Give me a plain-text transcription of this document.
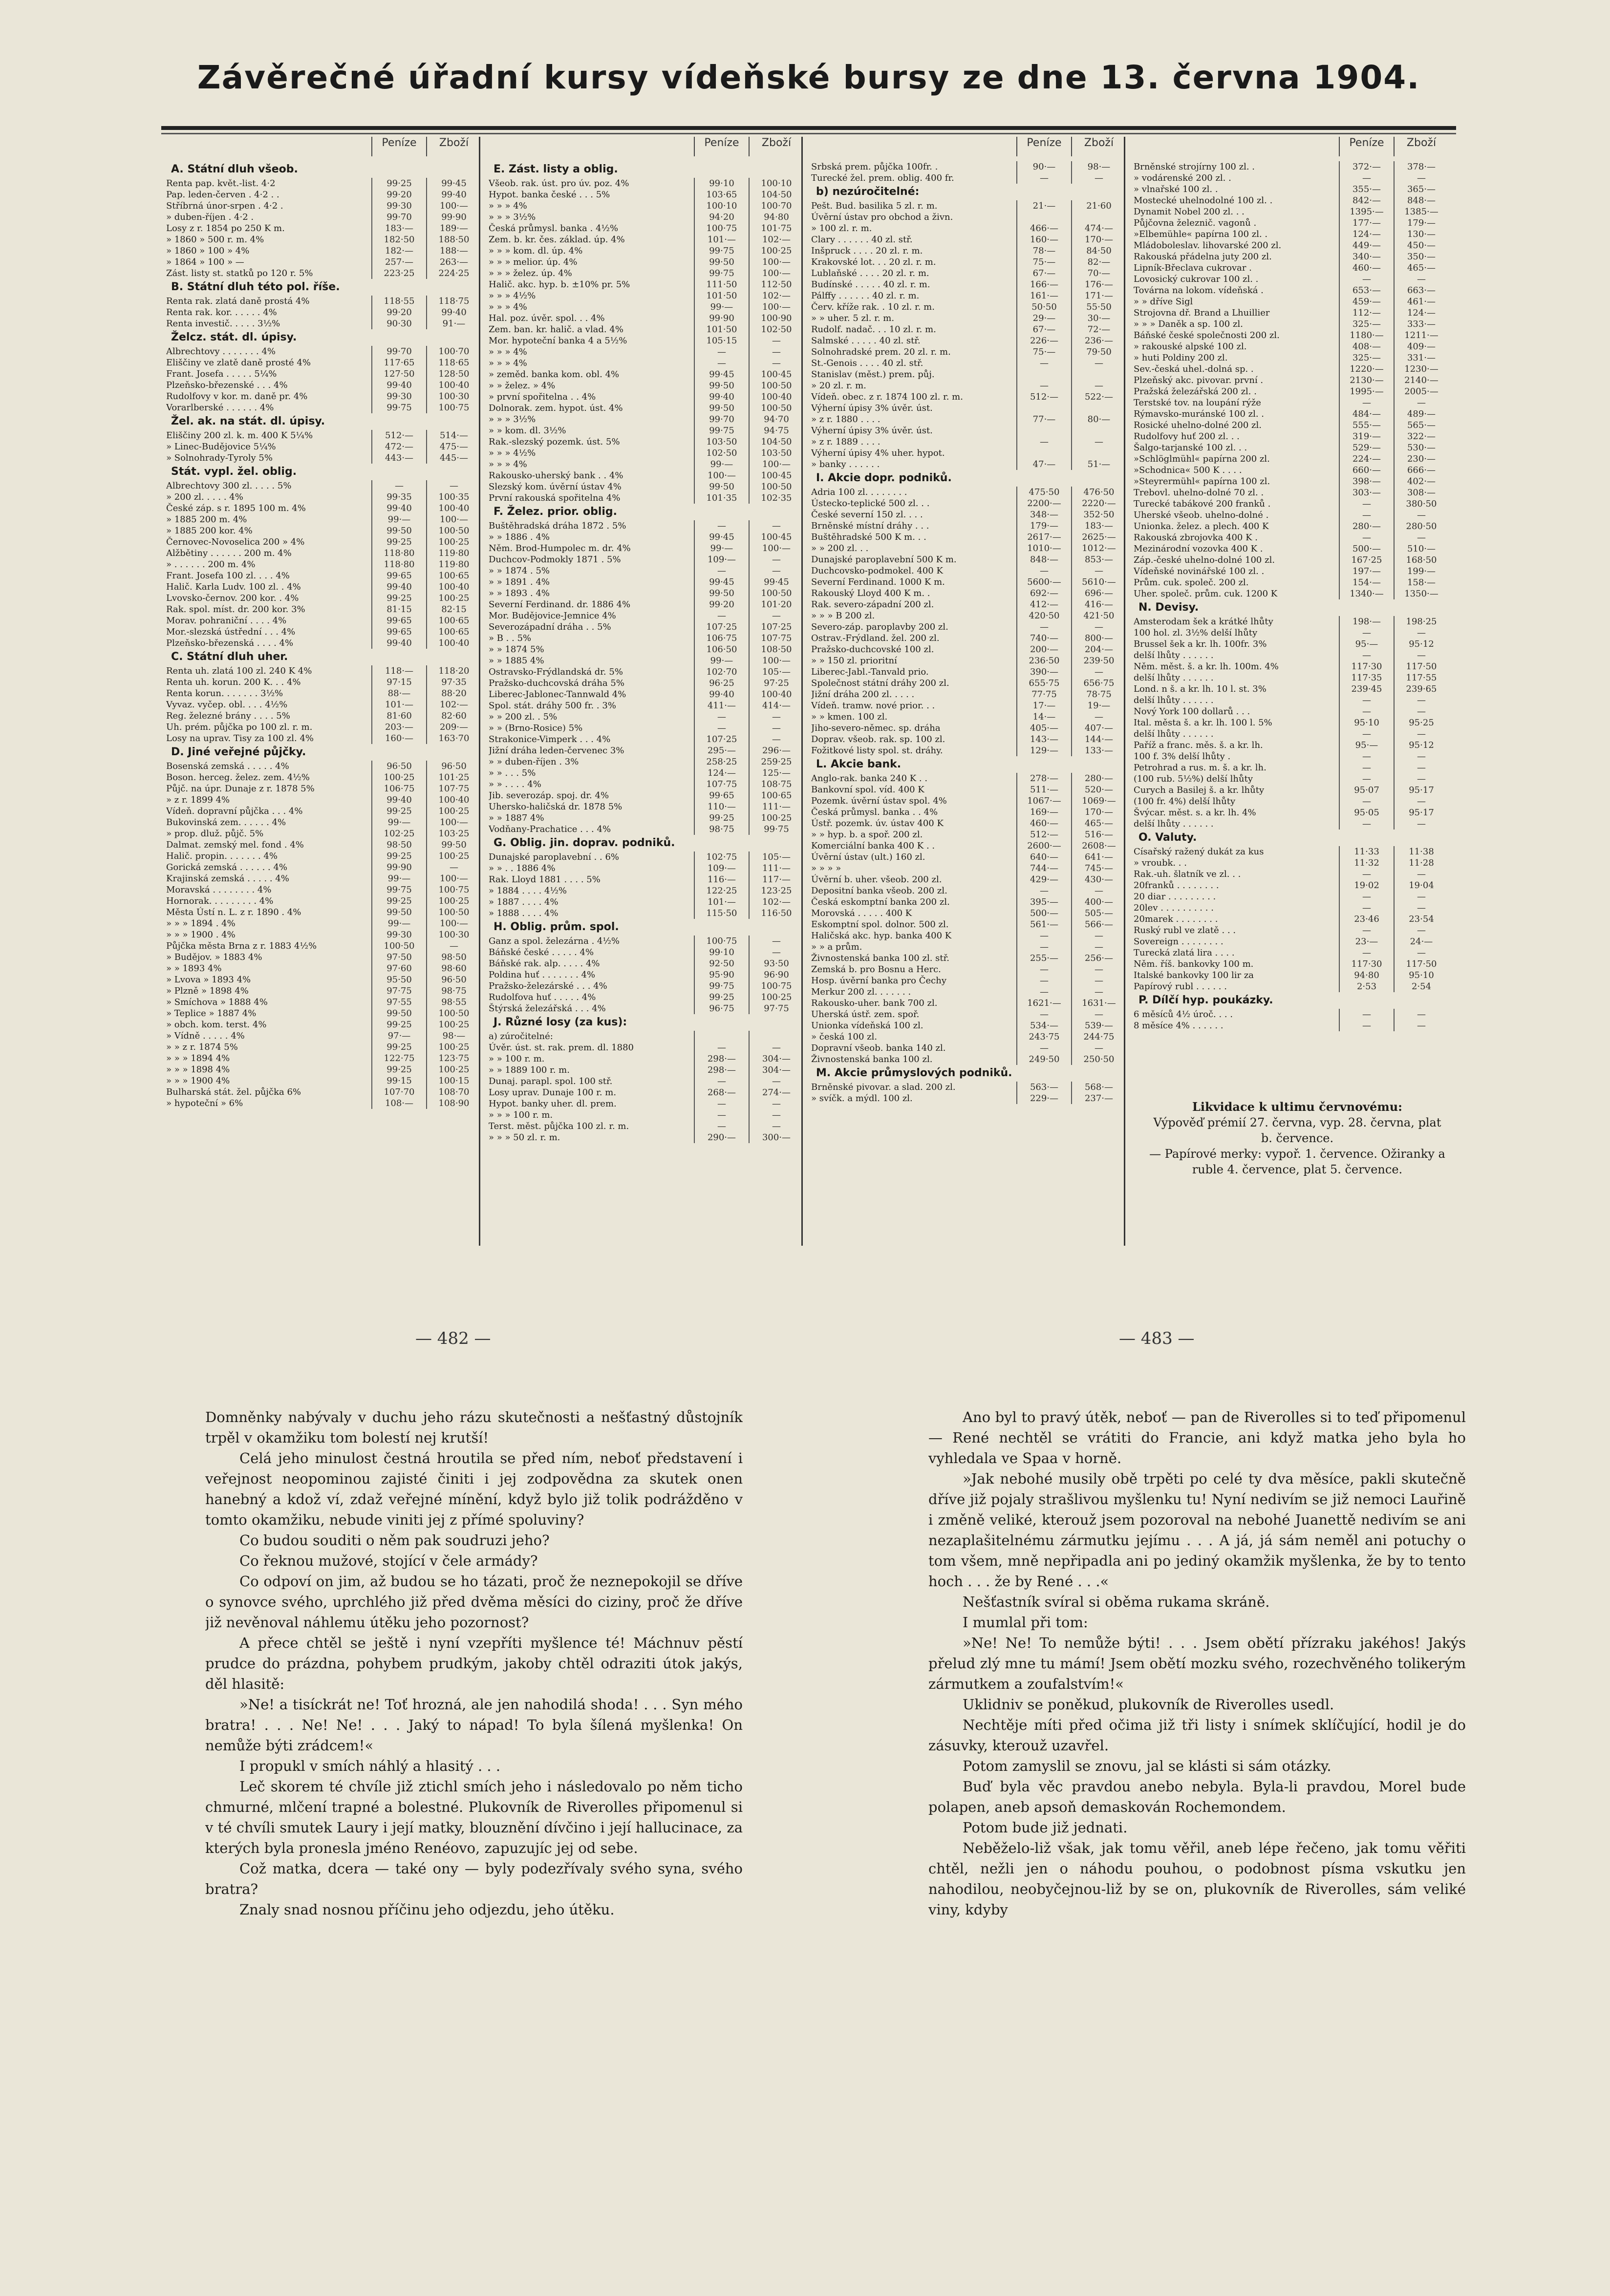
Závěrečné úřadní kursy vídeňské bursy ze dne 13. června 1904.
Peníze	Zboží
A. Státní dluh všeob.
Renta pap. květ.-list. 4·2	99·25	99·45
Pap. leden-červen . 4·2 . .	99·20	99·40
Stříbrná únor-srpen . 4·2 .	99·30	100·—
» duben-říjen . 4·2 .	99·70	99·90
Losy z r. 1854 po 250 K m.	183·—	189·—
» 1860 » 500 r. m. 4%	182·50	188·50
» 1860 » 100 » 4%	182·—	188·—
» 1864 » 100 » —	257·—	263·—
Zást. listy st. statků po 120 r. 5%	223·25	224·25
B. Státní dluh této pol. říše.
Renta rak. zlatá daně prostá 4%	118·55	118·75
Renta rak. kor. . . . . . 4%	99·20	99·40
Renta investič. . . . . 3½%	90·30	91·—
Želcz. stát. dl. úpisy.
Albrechtovy . . . . . . . 4%	99·70	100·70
Eliščiny ve zlatě daně prosté 4%	117·65	118·65
Frant. Josefa . . . . . 5¼%	127·50	128·50
Plzeňsko-březenské . . . 4%	99·40	100·40
Rudolfovy v kor. m. daně pr. 4%	99·30	100·30
Vorarlberské . . . . . . 4%	99·75	100·75
Žel. ak. na stát. dl. úpisy.
Eliščiny 200 zl. k. m. 400 K 5¼%	512·—	514·—
» Linec-Budějovice 5¼%	472·—	475·—
» Solnohrady-Tyroly 5%	443·—	445·—
Stát. vypl. žel. oblig.
Albrechtovy 300 zl. . . . . 5%	—	—
» 200 zl. . . . . 4%	99·35	100·35
České záp. s r. 1895 100 m. 4%	99·40	100·40
» 1885 200 m. 4%	99·—	100·—
» 1885 200 kor. 4%	99·50	100·50
Černovec-Novoselica 200 » 4%	99·25	100·25
Alžbětiny . . . . . . 200 m. 4%	118·80	119·80
» . . . . . . 200 m. 4%	118·80	119·80
Frant. Josefa 100 zl. . . . 4%	99·65	100·65
Halič. Karla Ludv. 100 zl. . 4%	99·40	100·40
Lvovsko-černov. 200 kor. . 4%	99·25	100·25
Rak. spol. míst. dr. 200 kor. 3%	81·15	82·15
Morav. pohraniční . . . . 4%	99·65	100·65
Mor.-slezská ústřední . . . 4%	99·65	100·65
Plzeňsko-březenská . . . . 4%	99·40	100·40
C. Státní dluh uher.
Renta uh. zlatá 100 zl. 240 K 4%	118·—	118·20
Renta uh. korun. 200 K. . . 4%	97·15	97·35
Renta korun. . . . . . . 3½%	88·—	88·20
Vyvaz. vyčep. obl. . . . 4½%	101·—	102·—
Reg. železné brány . . . . 5%	81·60	82·60
Uh. prém. půjčka po 100 zl. r. m.	203·—	209·—
Losy na uprav. Tisy za 100 zl. 4%	160·—	163·70
D. Jiné veřejné půjčky.
Bosenská zemská . . . . . 4%	96·50	96·50
Boson. herceg. želez. zem. 4½%	100·25	101·25
Půjč. na úpr. Dunaje z r. 1878 5%	106·75	107·75
» z r. 1899 4%	99·40	100·40
Vídeň. dopravní půjčka . . . 4%	99·25	100·25
Bukovinská zem. . . . . . 4%	99·—	100·—
» prop. dluž. půjč. 5%	102·25	103·25
Dalmat. zemský mel. fond . 4%	98·50	99·50
Halič. propin. . . . . . . 4%	99·25	100·25
Gorická zemská . . . . . . 4%	99·90	—
Krajinská zemská . . . . . 4%	99·—	100·—
Moravská . . . . . . . . 4%	99·75	100·75
Hornorak. . . . . . . . . 4%	99·25	100·25
Města Ústí n. L. z r. 1890 . 4%	99·50	100·50
» » » 1894 . 4%	99·—	100·—
» » » 1900 . 4%	99·30	100·30
Půjčka města Brna z r. 1883 4½%	100·50	—
» Budějov. » 1883 4%	97·50	98·50
» » 1893 4%	97·60	98·60
» Lvova » 1893 4%	95·50	96·50
» Plzně » 1898 4%	97·75	98·75
» Smíchova » 1888 4%	97·55	98·55
» Teplice » 1887 4%	99·50	100·50
» obch. kom. terst. 4%	99·25	100·25
» Vídně . . . . . 4%	97·—	98·—
» » z r. 1874 5%	99·25	100·25
» » » 1894 4%	122·75	123·75
» » » 1898 4%	99·25	100·25
» » » 1900 4%	99·15	100·15
Bulharská stát. žel. půjčka 6%	107·70	108·70
» hypoteční » 6%	108·—	108·90
Peníze	Zboží
E. Zást. listy a oblig.
Všeob. rak. úst. pro úv. poz. 4%	99·10	100·10
Hypot. banka české . . . 5%	103·65	104·50
» » » 4%	100·10	100·70
» » » 3½%	94·20	94·80
Česká průmysl. banka . 4½%	100·75	101·75
Zem. b. kr. čes. základ. úp. 4%	101·—	102·—
» » » kom. dl. úp. 4%	99·75	100·25
» » » melior. úp. 4%	99·50	100·—
» » » želez. úp. 4%	99·75	100·—
Halič. akc. hyp. b. ±10% pr. 5%	111·50	112·50
» » » 4½%	101·50	102·—
» » » 4%	99·—	100·—
Hal. poz. úvěr. spol. . . 4%	99·90	100·90
Zem. ban. kr. halič. a vlad. 4%	101·50	102·50
Mor. hypoteční banka 4 a 5½%	105·15	—
» » » 4%	—	—
» » » 4%	—	—
» zeměd. banka kom. obl. 4%	99·45	100·45
» » želez. » 4%	99·50	100·50
» první spořitelna . . 4%	99·40	100·40
Dolnorak. zem. hypot. úst. 4%	99·50	100·50
» » » 3½%	99·70	94·70
» » kom. dl. 3½%	99·75	94·75
Rak.-slezský pozemk. úst. 5%	103·50	104·50
» » » 4½%	102·50	103·50
» » » 4%	99·—	100·—
Rakousko-uherský bank . . 4%	100·—	100·45
Slezský kom. úvěrní ústav 4%	99·50	100·50
První rakouská spořitelna 4%	101·35	102·35
F. Želez. prior. oblig.
Buštěhradská dráha 1872 . 5%	—	—
» » 1886 . 4%	99·45	100·45
Něm. Brod-Humpolec m. dr. 4%	99·—	100·—
Duchcov-Podmokly 1871 . 5%	109·—	—
» » 1874 . 5%	—	—
» » 1891 . 4%	99·45	99·45
» » 1893 . 4%	99·50	100·50
Severní Ferdinand. dr. 1886 4%	99·20	101·20
Mor. Budějovice-Jemnice 4%	—	—
Severozápadní dráha . . 5%	107·25	107·25
» B . . 5%	106·75	107·75
» » 1874 5%	106·50	108·50
» » 1885 4%	99·—	100·—
Ostravsko-Frýdlandská dr. 5%	102·70	105·—
Pražsko-duchcovská dráha 5%	96·25	97·25
Liberec-Jablonec-Tannwald 4%	99·40	100·40
Spol. stát. dráhy 500 fr. . 3%	411·—	414·—
» » 200 zl. . 5%	—	—
» » (Brno-Rosice) 5%	—	—
Strakonice-Vimperk . . . 4%	107·25	—
Jižní dráha leden-červenec 3%	295·—	296·—
» » duben-říjen . 3%	258·25	259·25
» » . . . 5%	124·—	125·—
» » . . . . 4%	107·75	108·75
Jib. severozáp. spoj. dr. 4%	99·65	100·65
Uhersko-haličská dr. 1878 5%	110·—	111·—
» » 1887 4%	99·25	100·25
Vodňany-Prachatice . . . 4%	98·75	99·75
G. Oblig. jin. doprav. podniků.
Dunajské paroplavební . . 6%	102·75	105·—
» » . . 1886 4%	109·—	111·—
Rak. Lloyd 1881 . . . . 5%	116·—	117·—
» 1884 . . . . 4½%	122·25	123·25
» 1887 . . . . 4%	101·—	102·—
» 1888 . . . . 4%	115·50	116·50
H. Oblig. prům. spol.
Ganz a spol. železárna . 4½%	100·75	—
Báňské české . . . . . 4%	99·10	—
Báňské rak. alp. . . . . 4%	92·50	93·50
Poldina huť . . . . . . . 4%	95·90	96·90
Pražsko-železárské . . . 4%	99·75	100·75
Rudolfova huť . . . . . 4%	99·25	100·25
Štýrská železářská . . . 4%	96·75	97·75
J. Různé losy (za kus):
a) zúročitelné:
Úvěr. úst. st. rak. prem. dl. 1880	—	—
» » 100 r. m.	298·—	304·—
» » 1889 100 r. m.	298·—	304·—
Dunaj. parapl. spol. 100 stř.	—	—
Losy uprav. Dunaje 100 r. m.	268·—	274·—
Hypot. banky uher. dl. prem.	—	—
» » » 100 r. m.	—	—
Terst. měst. půjčka 100 zl. r. m.	—	—
» » » 50 zl. r. m.	290·—	300·—
Peníze	Zboží
Srbská prem. půjčka 100fr. .	90·—	98·—
Turecké žel. prem. oblig. 400 fr.	—	—
b) nezúročitelné:
Pešt. Bud. basilika 5 zl. r. m.	21·—	21·60
Úvěrní ústav pro obchod a živn.
» 100 zl. r. m.	466·—	474·—
Clary . . . . . . 40 zl. stř.	160·—	170·—
Inšpruck . . . . 20 zl. r. m.	78·—	84·50
Krakovské lot. . . 20 zl. r. m.	75·—	82·—
Lublaňské . . . . 20 zl. r. m.	67·—	70·—
Budínské . . . . . 40 zl. r. m.	166·—	176·—
Pálffy . . . . . . 40 zl. r. m.	161·—	171·—
Červ. kříže rak. . 10 zl. r. m.	50·50	55·50
» » uher. 5 zl. r. m.	29·—	30·—
Rudolf. nadač. . . 10 zl. r. m.	67·—	72·—
Salmské . . . . . 40 zl. stř.	226·—	236·—
Solnohradské prem. 20 zl. r. m.	75·—	79·50
St.-Genois . . . . 40 zl. stř.	—	—
Stanislav (měst.) prem. půj.
» 20 zl. r. m.	—	—
Vídeň. obec. z r. 1874 100 zl. r. m.	512·—	522·—
Výherní úpisy 3% úvěr. úst.
» z r. 1880 . . . .	77·—	80·—
Výherní úpisy 3% úvěr. úst.
» z r. 1889 . . . .	—	—
Výherní úpisy 4% uher. hypot.
» banky . . . . . .	47·—	51·—
I. Akcie dopr. podniků.
Adria 100 zl. . . . . . . .	475·50	476·50
Ústecko-teplické 500 zl. . .	2200·—	2220·—
České severní 150 zl. . . .	348·—	352·50
Brněnské místní dráhy . . .	179·—	183·—
Buštěhradské 500 K m. . .	2617·—	2625·—
» » 200 zl. . .	1010·—	1012·—
Dunajské paroplavební 500 K m.	848·—	853·—
Duchcovsko-podmokel. 400 K	—	—
Severní Ferdinand. 1000 K m.	5600·—	5610·—
Rakouský Lloyd 400 K m. .	692·—	696·—
Rak. severo-západní 200 zl.	412·—	416·—
» » » B 200 zl.	420·50	421·50
Severo-záp. paroplavby 200 zl.	—	—
Ostrav.-Frýdland. žel. 200 zl.	740·—	800·—
Pražsko-duchcovské 100 zl.	200·—	204·—
» » 150 zl. prioritní	236·50	239·50
Liberec-Jabl.-Tanvald prio.	390·—	—
Společnost státní dráhy 200 zl.	655·75	656·75
Jižní dráha 200 zl. . . . .	77·75	78·75
Vídeň. tramw. nové prior. . .	17·—	19·—
» » kmen. 100 zl.	14·—	—
Jiho-severo-němec. sp. dráha	405·—	407·—
Doprav. všeob. rak. sp. 100 zl.	143·—	144·—
Fožitkové listy spol. st. dráhy.	129·—	133·—
L. Akcie bank.
Anglo-rak. banka 240 K . .	278·—	280·—
Bankovní spol. víd. 400 K	511·—	520·—
Pozemk. úvěrní ústav spol. 4%	1067·—	1069·—
Česká průmysl. banka . . 4%	169·—	170·—
Ústř. pozemk. úv. ústav 400 K	460·—	465·—
» » hyp. b. a spoř. 200 zl.	512·—	516·—
Komerciální banka 400 K . .	2600·—	2608·—
Úvěrní ústav (ult.) 160 zl.	640·—	641·—
» » » »	744·—	745·—
Úvěrní b. uher. všeob. 200 zl.	429·—	430·—
Depositní banka všeob. 200 zl.	—	—
Česká eskomptní banka 200 zl.	395·—	400·—
Morovská . . . . . 400 K	500·—	505·—
Eskomptní spol. dolnor. 500 zl.	561·—	566·—
Haličská akc. hyp. banka 400 K	—	—
» » a prům.	—	—
Živnostenská banka 100 zl. stř.	255·—	256·—
Zemská b. pro Bosnu a Herc.	—	—
Hosp. úvěrní banka pro Čechy	—	—
Merkur 200 zl. . . . . . .	—	—
Rakousko-uher. bank 700 zl.	1621·—	1631·—
Uherská ústř. zem. spoř.	—	—
Unionka vídeňská 100 zl.	534·—	539·—
» česká 100 zl.	243·75	244·75
Dopravní všeob. banka 140 zl.	—	—
Živnostenská banka 100 zl.	249·50	250·50
M. Akcie průmyslových podniků.
Brněnské pivovar. a slad. 200 zl.	563·—	568·—
» svíčk. a mýdl. 100 zl.	229·—	237·—
Peníze	Zboží
Brněnské strojírny 100 zl. .	372·—	378·—
» vodárenské 200 zl. .	—	—
» vlnařské 100 zl. .	355·—	365·—
Mostecké uhelnodolné 100 zl. .	842·—	848·—
Dynamit Nobel 200 zl. . .	1395·—	1385·—
Půjčovna železnič. vagonů .	177·—	179·—
»Elbemühle« papírna 100 zl. .	124·—	130·—
Mládoboleslav. lihovarské 200 zl.	449·—	450·—
Rakouská přádelna juty 200 zl.	340·—	350·—
Lipník-Břeclava cukrovar .	460·—	465·—
Lovosický cukrovar 100 zl. .	—	—
Továrna na lokom. vídeňská .	653·—	663·—
» » dříve Sigl	459·—	461·—
Strojovna dř. Brand a Lhuillier	112·—	124·—
» » » Daněk a sp. 100 zl.	325·—	333·—
Báňské české společnosti 200 zl.	1180·—	1211·—
» rakouské alpské 100 zl.	408·—	409·—
» huti Poldiny 200 zl.	325·—	331·—
Sev.-česká uhel.-dolná sp. .	1220·—	1230·—
Plzeňský akc. pivovar. první .	2130·—	2140·—
Pražská železářská 200 zl. .	1995·—	2005·—
Terstské tov. na loupání rýže	—	—
Rýmavsko-muránské 100 zl. .	484·—	489·—
Rosické uhelno-dolné 200 zl.	555·—	565·—
Rudolfovy huť 200 zl. . .	319·—	322·—
Šalgo-tarjanské 100 zl. . .	529·—	530·—
»Schlöglmühl« papírna 200 zl.	224·—	230·—
»Schodnica« 500 K . . . .	660·—	666·—
»Steyrermühl« papírna 100 zl.	398·—	402·—
Trebovl. uhelno-dolné 70 zl. .	303·—	308·—
Turecké tabákové 200 franků .	—	380·50
Uherské všeob. uhelno-dolné .	—	—
Unionka. želez. a plech. 400 K	280·—	280·50
Rakouská zbrojovka 400 K .	—	—
Mezinárodní vozovka 400 K .	500·—	510·—
Záp.-české uhelno-dolné 100 zl.	167·25	168·50
Vídeňské novinářské 100 zl. .	197·—	199·—
Prům. cuk. společ. 200 zl.	154·—	158·—
Uher. společ. prům. cuk. 1200 K	1340·—	1350·—
N. Devisy.
Amsterodam šek a krátké lhůty	198·—	198·25
100 hol. zl. 3½% delší lhůty	—	—
Brussel šek a kr. lh. 100fr. 3%	95·—	95·12
delší lhůty . . . . . .	—	—
Něm. měst. š. a kr. lh. 100m. 4%	117·30	117·50
delší lhůty . . . . . .	117·35	117·55
Lond. n š. a kr. lh. 10 l. st. 3%	239·45	239·65
delší lhůty . . . . . .	—	—
Nový York 100 dollarů . . .	—	—
Ital. města š. a kr. lh. 100 l. 5%	95·10	95·25
delší lhůty . . . . . .	—	—
Paříž a franc. měs. š. a kr. lh.	95·—	95·12
100 f. 3% delší lhůty .	—	—
Petrohrad a rus. m. š. a kr. lh.	—	—
(100 rub. 5½%) delší lhůty	—	—
Curych a Basilej š. a kr. lhůty	95·07	95·17
(100 fr. 4%) delší lhůty	—	—
Švýcar. měst. s. a kr. lh. 4%	95·05	95·17
delší lhůty . . . . . .	—	—
O. Valuty.
Císařský ražený dukát za kus	11·33	11·38
» vroubk. . .	11·32	11·28
Rak.-uh. šlatník ve zl. . .	—	—
20franků . . . . . . . .	19·02	19·04
20 diar . . . . . . . . .	—	—
20lev . . . . . . . . . .	—	—
20marek . . . . . . . .	23·46	23·54
Ruský rubl ve zlatě . . .	—	—
Sovereign . . . . . . . .	23·—	24·—
Turecká zlatá lira . . . .	—	—
Něm. říš. bankovky 100 m.	117·30	117·50
Italské bankovky 100 lir za	94·80	95·10
Papírový rubl . . . . . .	2·53	2·54
P. Dílčí hyp. poukázky.
6 měsíců 4½ úroč. . . .	—	—
8 měsíce 4% . . . . . .	—	—
Likvidace k ultimu červnovému:
Výpověď prémií 27. června, vyp. 28. června, plat b. července.
— Papírové merky: vypoř. 1. července. Ožiranky a ruble 4. července, plat 5. července.
— 482 —	— 483 —

Domněnky nabývaly v duchu jeho rázu skutečnosti a nešťastný důstojník trpěl v okamžiku tom bolestí nej krutší!

Celá jeho minulost čestná hroutila se před ním, neboť představení i veřejnost neopominou zajisté činiti i jej zodpovědna za skutek onen hanebný a kdož ví, zdaž veřejné mínění, když bylo již tolik podrážděno v tomto okamžiku, nebude viniti jej z přímé spoluviny?

Co budou souditi o něm pak soudruzi jeho?

Co řeknou mužové, stojící v čele armády?

Co odpoví on jim, až budou se ho tázati, proč že neznepokojil se dříve o synovce svého, uprchlého již před dvěma měsíci do ciziny, proč že dříve již nevěnoval náhlemu útěku jeho pozornost?

A přece chtěl se ještě i nyní vzepříti myšlence té! Máchnuv pěstí prudce do prázdna, pohybem prudkým, jakoby chtěl odraziti útok jakýs, děl hlasitě:

»Ne! a tisíckrát ne! Toť hrozná, ale jen nahodilá shoda! . . . Syn mého bratra! . . . Ne! Ne! . . . Jaký to nápad! To byla šílená myšlenka! On nemůže býti zrádcem!«

I propukl v smích náhlý a hlasitý . . .

Leč skorem té chvíle již ztichl smích jeho i následovalo po něm ticho chmurné, mlčení trapné a bolestné. Plukovník de Riverolles připomenul si v té chvíli smutek Laury i její matky, blouznění dívčino i její hallucinace, za kterých byla pronesla jméno Renéovo, zapuzujíc jej od sebe.

Což matka, dcera — také ony — byly podezřívaly svého syna, svého bratra?

Znaly snad nosnou příčinu jeho odjezdu, jeho útěku.

Ano byl to pravý útěk, neboť — pan de Riverolles si to teď připomenul — René nechtěl se vrátiti do Francie, ani když matka jeho byla ho vyhledala ve Spaa v horně.

»Jak nebohé musily obě trpěti po celé ty dva měsíce, pakli skutečně dříve již pojaly strašlivou myšlenku tu! Nyní nedivím se již nemoci Lauřině i změně veliké, kterouž jsem pozoroval na nebohé Juanettě nedivím se ani nezaplašitelnému zármutku jejímu . . . A já, já sám neměl ani potuchy o tom všem, mně nepřipadla ani po jediný okamžik myšlenka, že by to tento hoch . . . že by René . . .«

Nešťastník svíral si oběma rukama skráně.

I mumlal při tom:

»Ne! Ne! To nemůže býti! . . . Jsem obětí přízraku jakéhos! Jakýs přelud zlý mne tu mámí! Jsem obětí mozku svého, rozechvěného tolikerým zármutkem a zoufalstvím!«

Uklidniv se poněkud, plukovník de Riverolles usedl.

Nechtěje míti před očima již tři listy i snímek sklíčující, hodil je do zásuvky, kterouž uzavřel.

Potom zamyslil se znovu, jal se klásti si sám otázky.

Buď byla věc pravdou anebo nebyla. Byla-li pravdou, Morel bude polapen, aneb apsoň demaskován Rochemondem.

Potom bude již jednati.

Neběželo-liž však, jak tomu věřil, aneb lépe řečeno, jak tomu věřiti chtěl, nežli jen o náhodu pouhou, o podobnost písma vskutku jen nahodilou, neobyčejnou-liž by se on, plukovník de Riverolles, sám veliké viny, kdyby
